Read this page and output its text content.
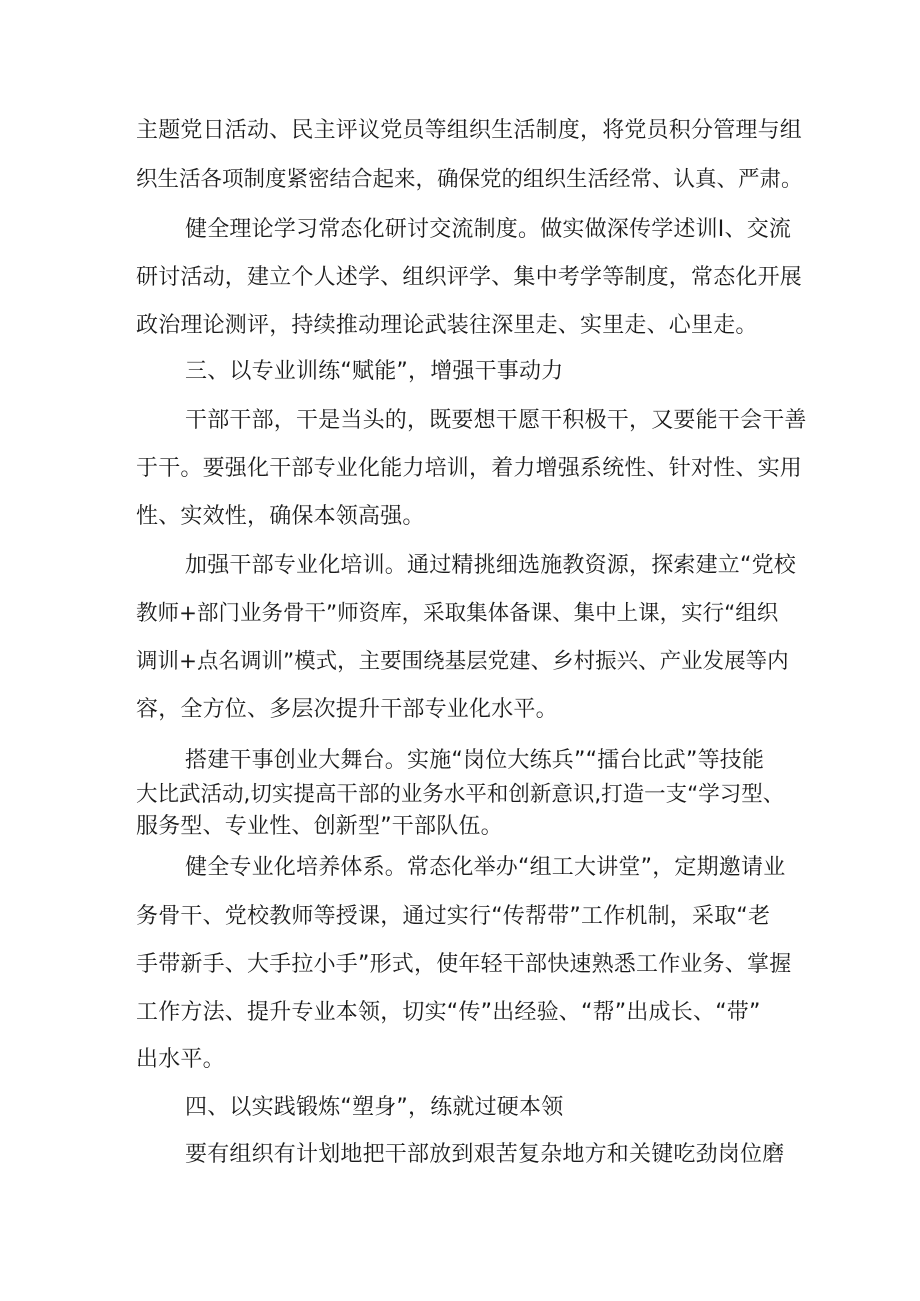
主题党日活动、民主评议党员等组织生活制度，将党员积分管理与组

织生活各项制度紧密结合起来，确保党的组织生活经常、认真、严肃。

健全理论学习常态化研讨交流制度。做实做深传学述训Ⅰ、交流

研讨活动，建立个人述学、组织评学、集中考学等制度，常态化开展

政治理论测评，持续推动理论武装往深里走、实里走、心里走。

三、以专业训练“赋能”，增强干事动力

干部干部，干是当头的，既要想干愿干积极干，又要能干会干善

于干。要强化干部专业化能力培训，着力增强系统性、针对性、实用

性、实效性，确保本领高强。

加强干部专业化培训。通过精挑细选施教资源，探索建立“党校

教师+部门业务骨干”师资库，采取集体备课、集中上课，实行“组织

调训+点名调训”模式，主要围绕基层党建、乡村振兴、产业发展等内

容，全方位、多层次提升干部专业化水平。

搭建干事创业大舞台。实施“岗位大练兵”“擂台比武”等技能

大比武活动,切实提高干部的业务水平和创新意识,打造一支“学习型、

服务型、专业性、创新型”干部队伍。

健全专业化培养体系。常态化举办“组工大讲堂”，定期邀请业

务骨干、党校教师等授课，通过实行“传帮带”工作机制，采取“老

手带新手、大手拉小手”形式，使年轻干部快速熟悉工作业务、掌握

工作方法、提升专业本领，切实“传”出经验、“帮”出成长、“带”

出水平。

四、以实践锻炼“塑身”，练就过硬本领

要有组织有计划地把干部放到艰苦复杂地方和关键吃劲岗位磨
